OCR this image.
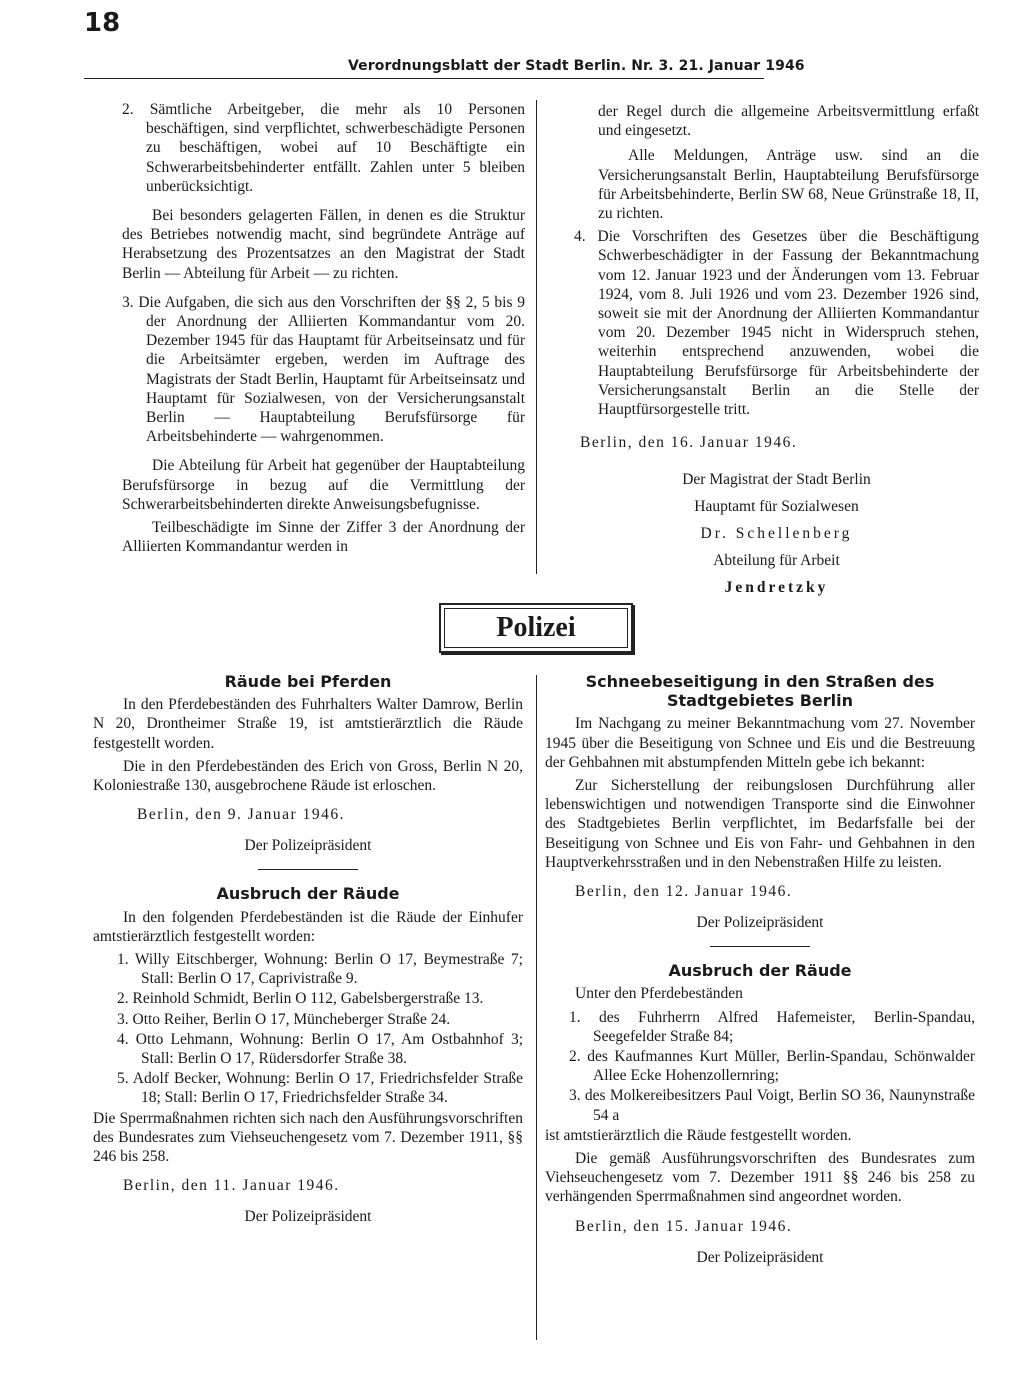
18
Verordnungsblatt der Stadt Berlin. Nr. 3. 21. Januar 1946

2. Sämtliche Arbeitgeber, die mehr als 10 Personen beschäftigen, sind verpflichtet, schwerbeschädigte Personen zu beschäftigen, wobei auf 10 Beschäftigte ein Schwerarbeitsbehinderter entfällt. Zahlen unter 5 bleiben unberücksichtigt.

Bei besonders gelagerten Fällen, in denen es die Struktur des Betriebes notwendig macht, sind begründete Anträge auf Herabsetzung des Prozentsatzes an den Magistrat der Stadt Berlin — Abteilung für Arbeit — zu richten.

3. Die Aufgaben, die sich aus den Vorschriften der §§ 2, 5 bis 9 der Anordnung der Alliierten Kommandantur vom 20. Dezember 1945 für das Hauptamt für Arbeitseinsatz und für die Arbeitsämter ergeben, werden im Auftrage des Magistrats der Stadt Berlin, Hauptamt für Arbeitseinsatz und Hauptamt für Sozialwesen, von der Versicherungsanstalt Berlin — Hauptabteilung Berufsfürsorge für Arbeitsbehinderte — wahrgenommen.

Die Abteilung für Arbeit hat gegenüber der Hauptabteilung Berufsfürsorge in bezug auf die Vermittlung der Schwerarbeitsbehinderten direkte Anweisungsbefugnisse.

Teilbeschädigte im Sinne der Ziffer 3 der Anordnung der Alliierten Kommandantur werden in

der Regel durch die allgemeine Arbeitsvermittlung erfaßt und eingesetzt.

Alle Meldungen, Anträge usw. sind an die Versicherungsanstalt Berlin, Hauptabteilung Berufsfürsorge für Arbeitsbehinderte, Berlin SW 68, Neue Grünstraße 18, II, zu richten.

4. Die Vorschriften des Gesetzes über die Beschäftigung Schwerbeschädigter in der Fassung der Bekanntmachung vom 12. Januar 1923 und der Änderungen vom 13. Februar 1924, vom 8. Juli 1926 und vom 23. Dezember 1926 sind, soweit sie mit der Anordnung der Alliierten Kommandantur vom 20. Dezember 1945 nicht in Widerspruch stehen, weiterhin entsprechend anzuwenden, wobei die Hauptabteilung Berufsfürsorge für Arbeitsbehinderte der Versicherungsanstalt Berlin an die Stelle der Hauptfürsorgestelle tritt.

Berlin, den 16. Januar 1946.

Der Magistrat der Stadt Berlin

Hauptamt für Sozialwesen

Dr. Schellenberg

Abteilung für Arbeit

Jendretzky

Polizei

Räude bei Pferden

In den Pferdebeständen des Fuhrhalters Walter Damrow, Berlin N 20, Drontheimer Straße 19, ist amtstierärztlich die Räude festgestellt worden.

Die in den Pferdebeständen des Erich von Gross, Berlin N 20, Koloniestraße 130, ausgebrochene Räude ist erloschen.

Berlin, den 9. Januar 1946.

Der Polizeipräsident

Ausbruch der Räude

In den folgenden Pferdebeständen ist die Räude der Einhufer amtstierärztlich festgestellt worden:

1. Willy Eitschberger, Wohnung: Berlin O 17, Beymestraße 7; Stall: Berlin O 17, Caprivistraße 9.

2. Reinhold Schmidt, Berlin O 112, Gabelsbergerstraße 13.

3. Otto Reiher, Berlin O 17, Müncheberger Straße 24.

4. Otto Lehmann, Wohnung: Berlin O 17, Am Ostbahnhof 3; Stall: Berlin O 17, Rüdersdorfer Straße 38.

5. Adolf Becker, Wohnung: Berlin O 17, Friedrichsfelder Straße 18; Stall: Berlin O 17, Friedrichsfelder Straße 34.

Die Sperrmaßnahmen richten sich nach den Ausführungsvorschriften des Bundesrates zum Viehseuchengesetz vom 7. Dezember 1911, §§ 246 bis 258.

Berlin, den 11. Januar 1946.

Der Polizeipräsident

Schneebeseitigung in den Straßen des

Stadtgebietes Berlin

Im Nachgang zu meiner Bekanntmachung vom 27. November 1945 über die Beseitigung von Schnee und Eis und die Bestreuung der Gehbahnen mit abstumpfenden Mitteln gebe ich bekannt:

Zur Sicherstellung der reibungslosen Durchführung aller lebenswichtigen und notwendigen Transporte sind die Einwohner des Stadtgebietes Berlin verpflichtet, im Bedarfsfalle bei der Beseitigung von Schnee und Eis von Fahr- und Gehbahnen in den Hauptverkehrsstraßen und in den Nebenstraßen Hilfe zu leisten.

Berlin, den 12. Januar 1946.

Der Polizeipräsident

Ausbruch der Räude

Unter den Pferdebeständen

1. des Fuhrherrn Alfred Hafemeister, Berlin-Spandau, Seegefelder Straße 84;

2. des Kaufmannes Kurt Müller, Berlin-Spandau, Schönwalder Allee Ecke Hohenzollernring;

3. des Molkereibesitzers Paul Voigt, Berlin SO 36, Naunynstraße 54 a

ist amtstierärztlich die Räude festgestellt worden.

Die gemäß Ausführungsvorschriften des Bundesrates zum Viehseuchengesetz vom 7. Dezember 1911 §§ 246 bis 258 zu verhängenden Sperrmaßnahmen sind angeordnet worden.

Berlin, den 15. Januar 1946.

Der Polizeipräsident
